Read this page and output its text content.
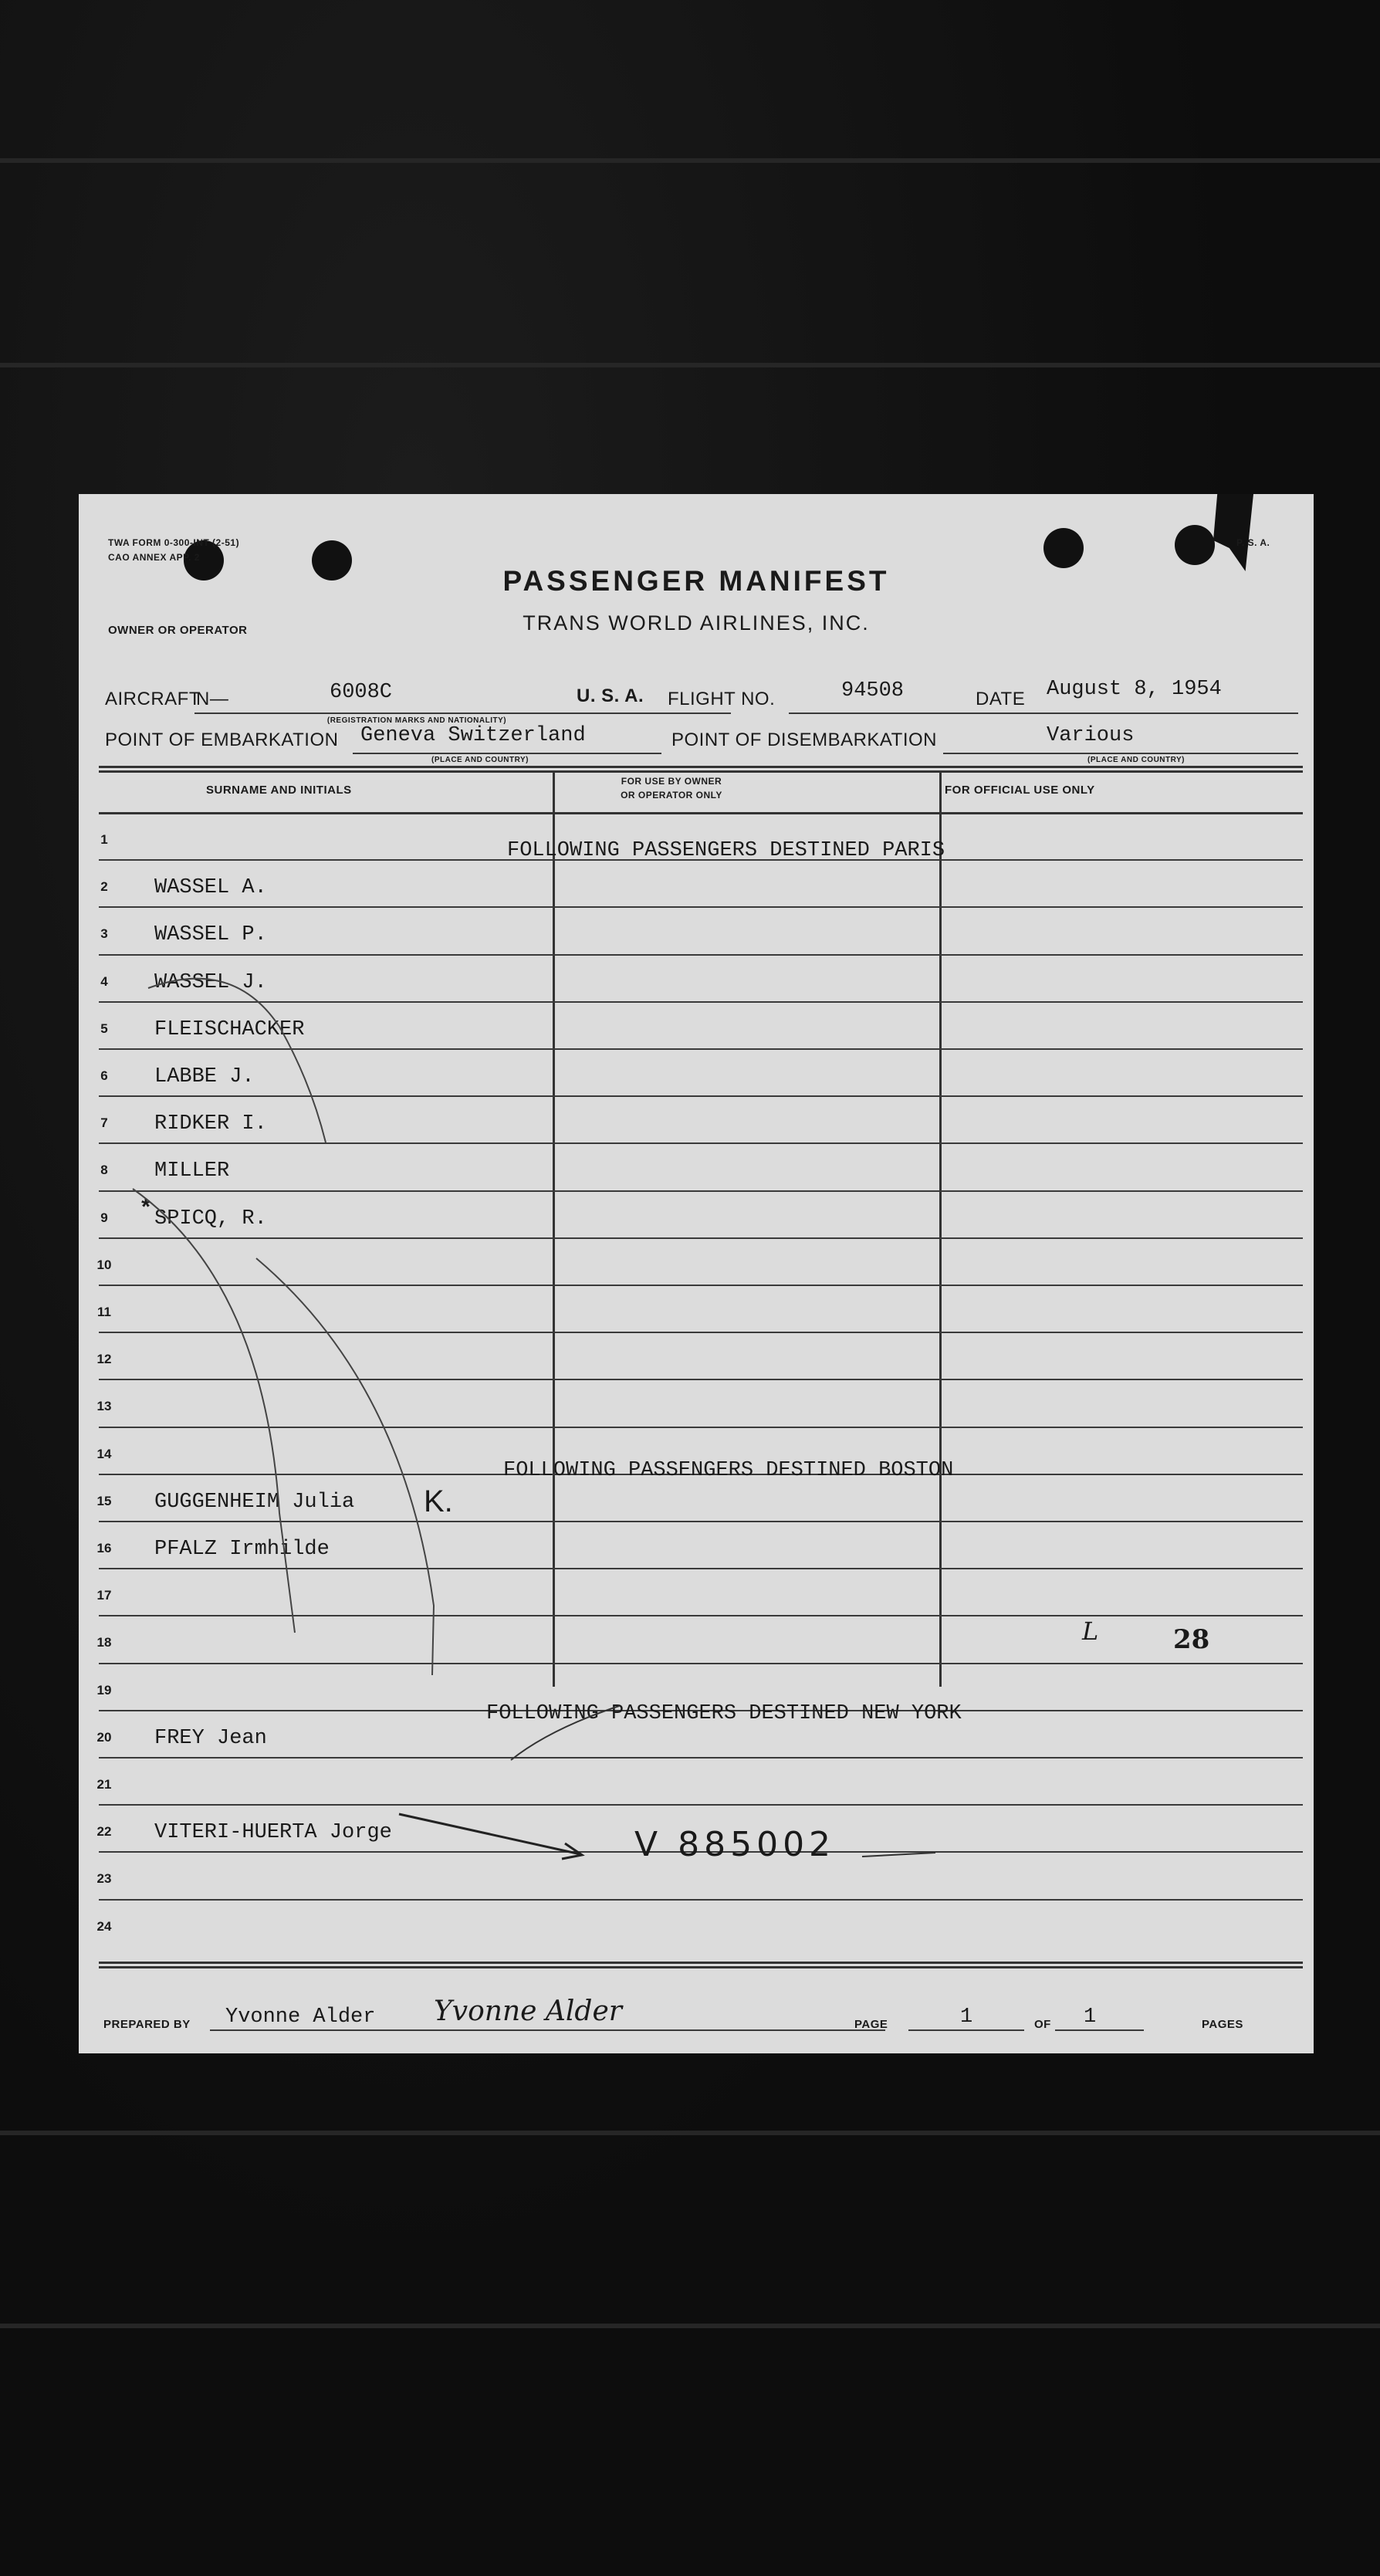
TWA FORM 0-300-INT (2-51)
CAO ANNEX APP. 2
P. S. A.
PASSENGER MANIFEST
TRANS WORLD AIRLINES, INC.
OWNER OR OPERATOR
AIRCRAFT
N—	6008C
(REGISTRATION MARKS AND NATIONALITY)
U. S. A. FLIGHT NO.	94508	DATE August 8, 1954
POINT OF EMBARKATION Geneva Switzerland	POINT OF DISEMBARKATION	Various
(PLACE AND COUNTRY)	(PLACE AND COUNTRY)
SURNAME AND INITIALS
FOR USE BY OWNER
OR OPERATOR ONLY	FOR OFFICIAL USE ONLY
1
2	WASSEL A.
3	WASSEL P.
4	WASSEL J.
5	FLEISCHACKER
6	LABBE J.
7	RIDKER I.
8	MILLER
9	SPICQ, R.
10
11
12
13
14
15 GUGGENHEIM Julia
16 PFALZ Irmhilde
17
18
19
20 FREY Jean
21
22 VITERI-HUERTA Jorge
23
24
FOLLOWING PASSENGERS DESTINED PARIS
FOLLOWING PASSENGERS DESTINED BOSTON
FOLLOWING PASSENGERS DESTINED NEW YORK
*
K.
L	28
V 885002
PREPARED BY Yvonne Alder Yvonne Alder	PAGE	1	OF 1	PAGES
